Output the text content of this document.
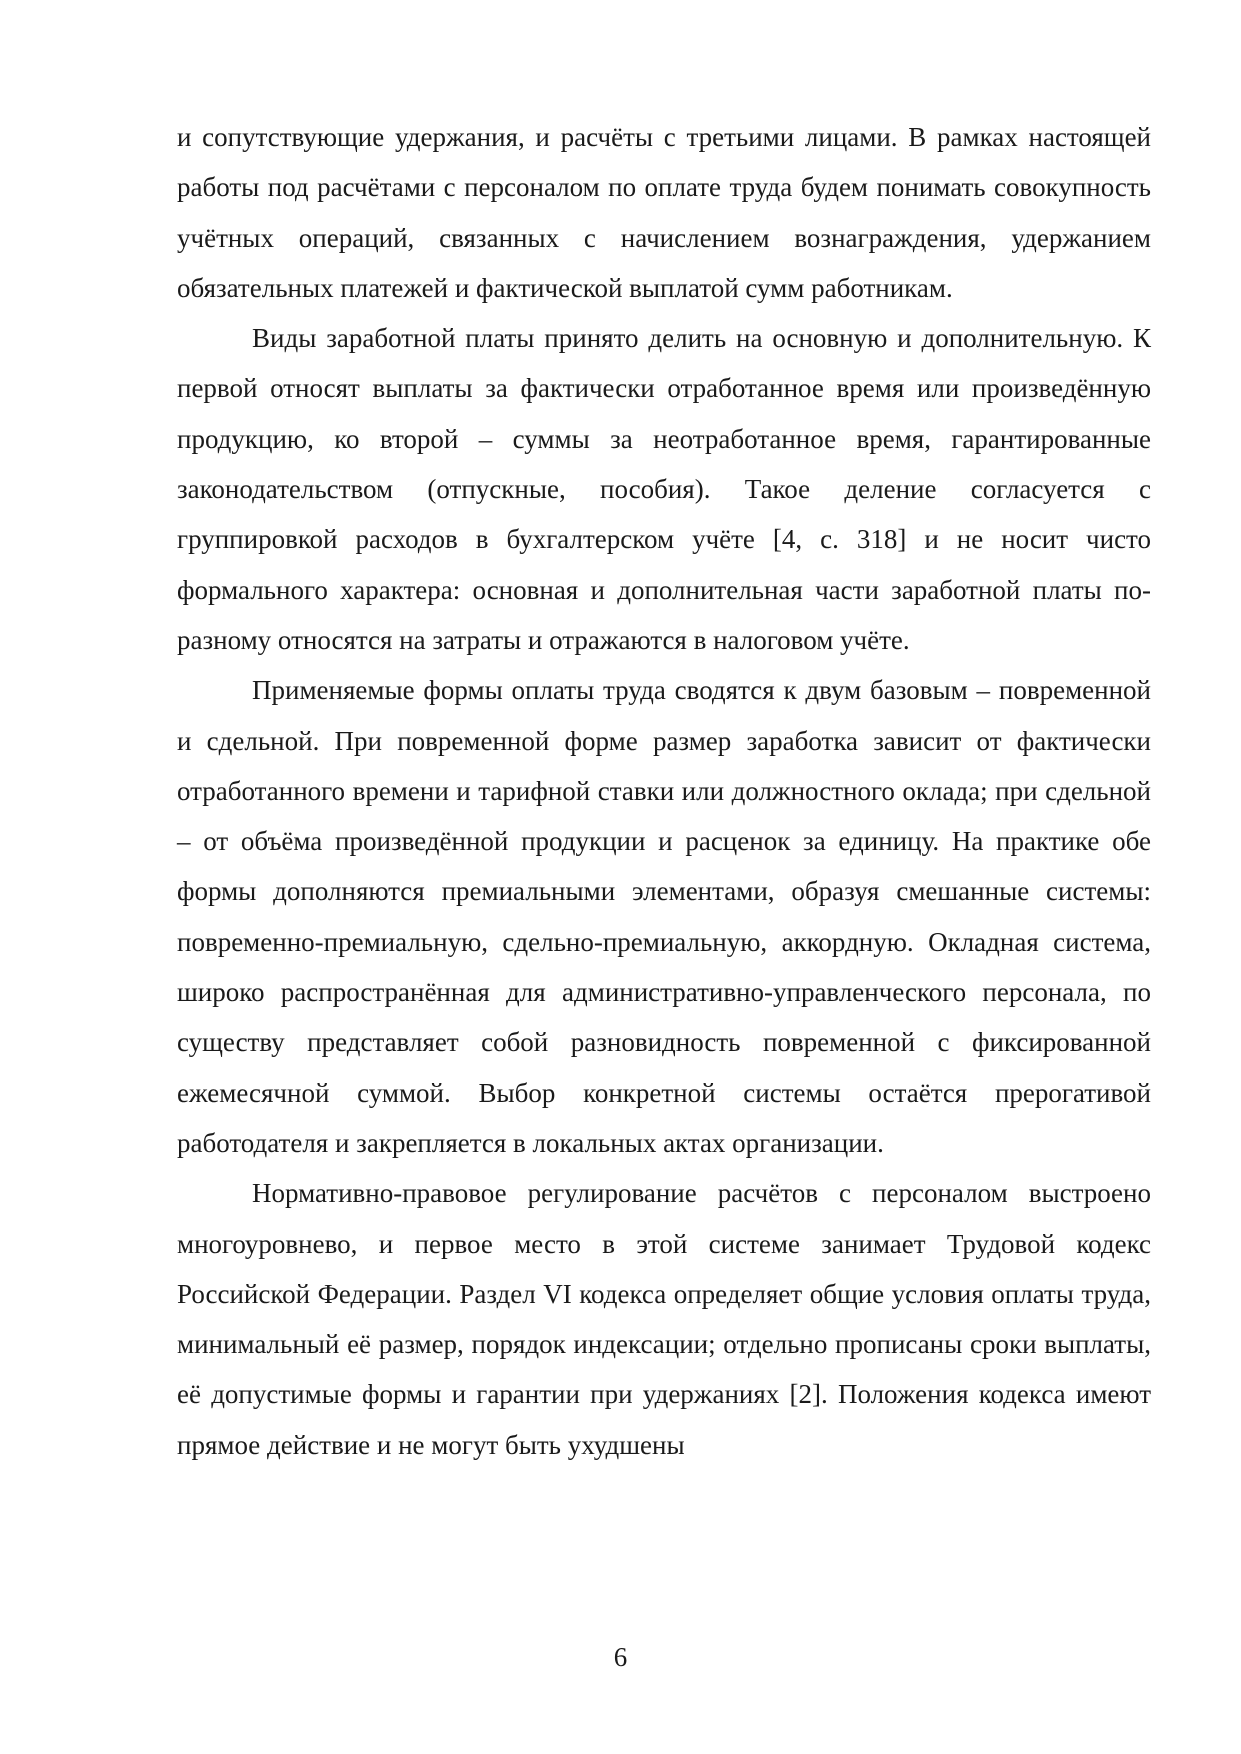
и сопутствующие удержания, и расчёты с третьими лицами. В рамках настоящей работы под расчётами с персоналом по оплате труда будем понимать совокупность учётных операций, связанных с начислением вознаграждения, удержанием обязательных платежей и фактической выплатой сумм работникам.

Виды заработной платы принято делить на основную и дополнительную. К первой относят выплаты за фактически отработанное время или произведённую продукцию, ко второй – суммы за неотработанное время, гарантированные законодательством (отпускные, пособия). Такое деление согласуется с группировкой расходов в бухгалтерском учёте [4, с. 318] и не носит чисто формального характера: основная и дополнительная части заработной платы по-разному относятся на затраты и отражаются в налоговом учёте.

Применяемые формы оплаты труда сводятся к двум базовым – повременной и сдельной. При повременной форме размер заработка зависит от фактически отработанного времени и тарифной ставки или должностного оклада; при сдельной – от объёма произведённой продукции и расценок за единицу. На практике обе формы дополняются премиальными элементами, образуя смешанные системы: повременно-премиальную, сдельно-премиальную, аккордную. Окладная система, широко распространённая для административно-управленческого персонала, по существу представляет собой разновидность повременной с фиксированной ежемесячной суммой. Выбор конкретной системы остаётся прерогативой работодателя и закрепляется в локальных актах организации.

Нормативно-правовое регулирование расчётов с персоналом выстроено многоуровнево, и первое место в этой системе занимает Трудовой кодекс Российской Федерации. Раздел VI кодекса определяет общие условия оплаты труда, минимальный её размер, порядок индексации; отдельно прописаны сроки выплаты, её допустимые формы и гарантии при удержаниях [2]. Положения кодекса имеют прямое действие и не могут быть ухудшены

6
